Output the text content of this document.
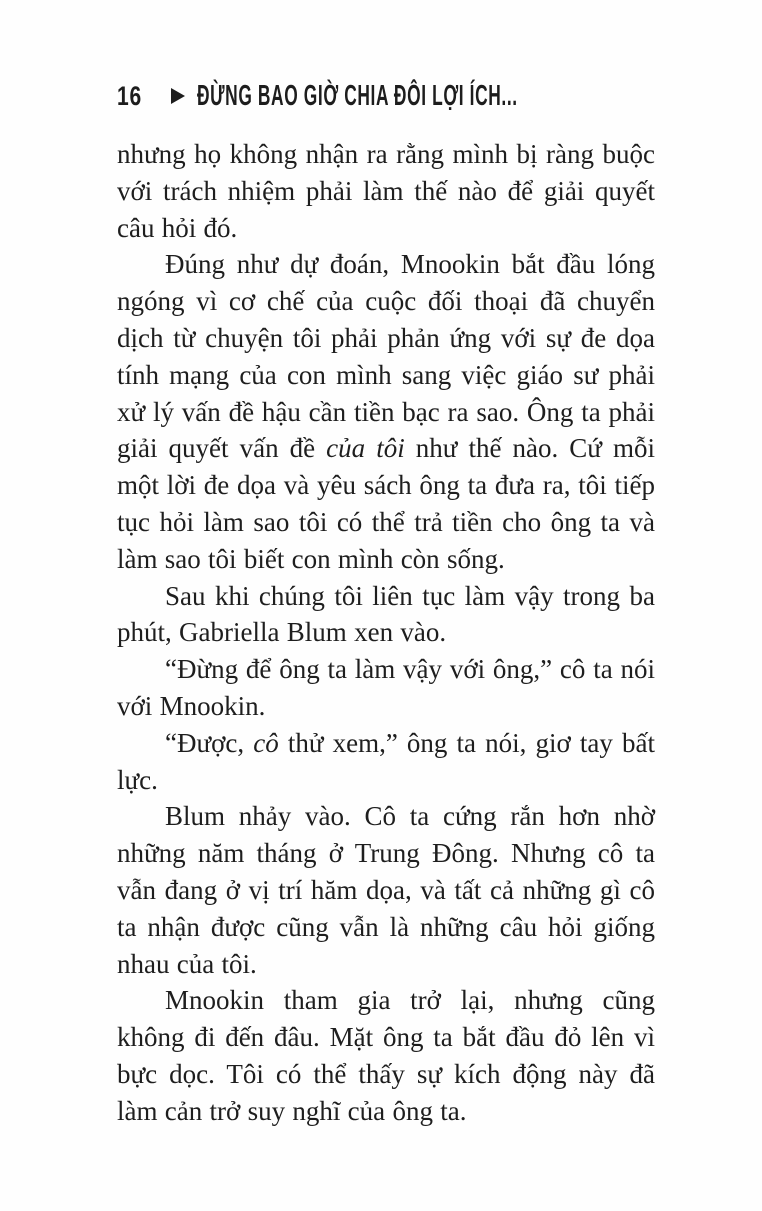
16 ĐỪNG BAO GIỜ CHIA ĐÔI LỢI ÍCH...

nhưng họ không nhận ra rằng mình bị ràng buộc với trách nhiệm phải làm thế nào để giải quyết câu hỏi đó.

Đúng như dự đoán, Mnookin bắt đầu lóng ngóng vì cơ chế của cuộc đối thoại đã chuyển dịch từ chuyện tôi phải phản ứng với sự đe dọa tính mạng của con mình sang việc giáo sư phải xử lý vấn đề hậu cần tiền bạc ra sao. Ông ta phải giải quyết vấn đề của tôi như thế nào. Cứ mỗi một lời đe dọa và yêu sách ông ta đưa ra, tôi tiếp tục hỏi làm sao tôi có thể trả tiền cho ông ta và làm sao tôi biết con mình còn sống.

Sau khi chúng tôi liên tục làm vậy trong ba phút, Gabriella Blum xen vào.

“Đừng để ông ta làm vậy với ông,” cô ta nói với Mnookin.

“Được, cô thử xem,” ông ta nói, giơ tay bất lực.

Blum nhảy vào. Cô ta cứng rắn hơn nhờ những năm tháng ở Trung Đông. Nhưng cô ta vẫn đang ở vị trí hăm dọa, và tất cả những gì cô ta nhận được cũng vẫn là những câu hỏi giống nhau của tôi.

Mnookin tham gia trở lại, nhưng cũng không đi đến đâu. Mặt ông ta bắt đầu đỏ lên vì bực dọc. Tôi có thể thấy sự kích động này đã làm cản trở suy nghĩ của ông ta.
